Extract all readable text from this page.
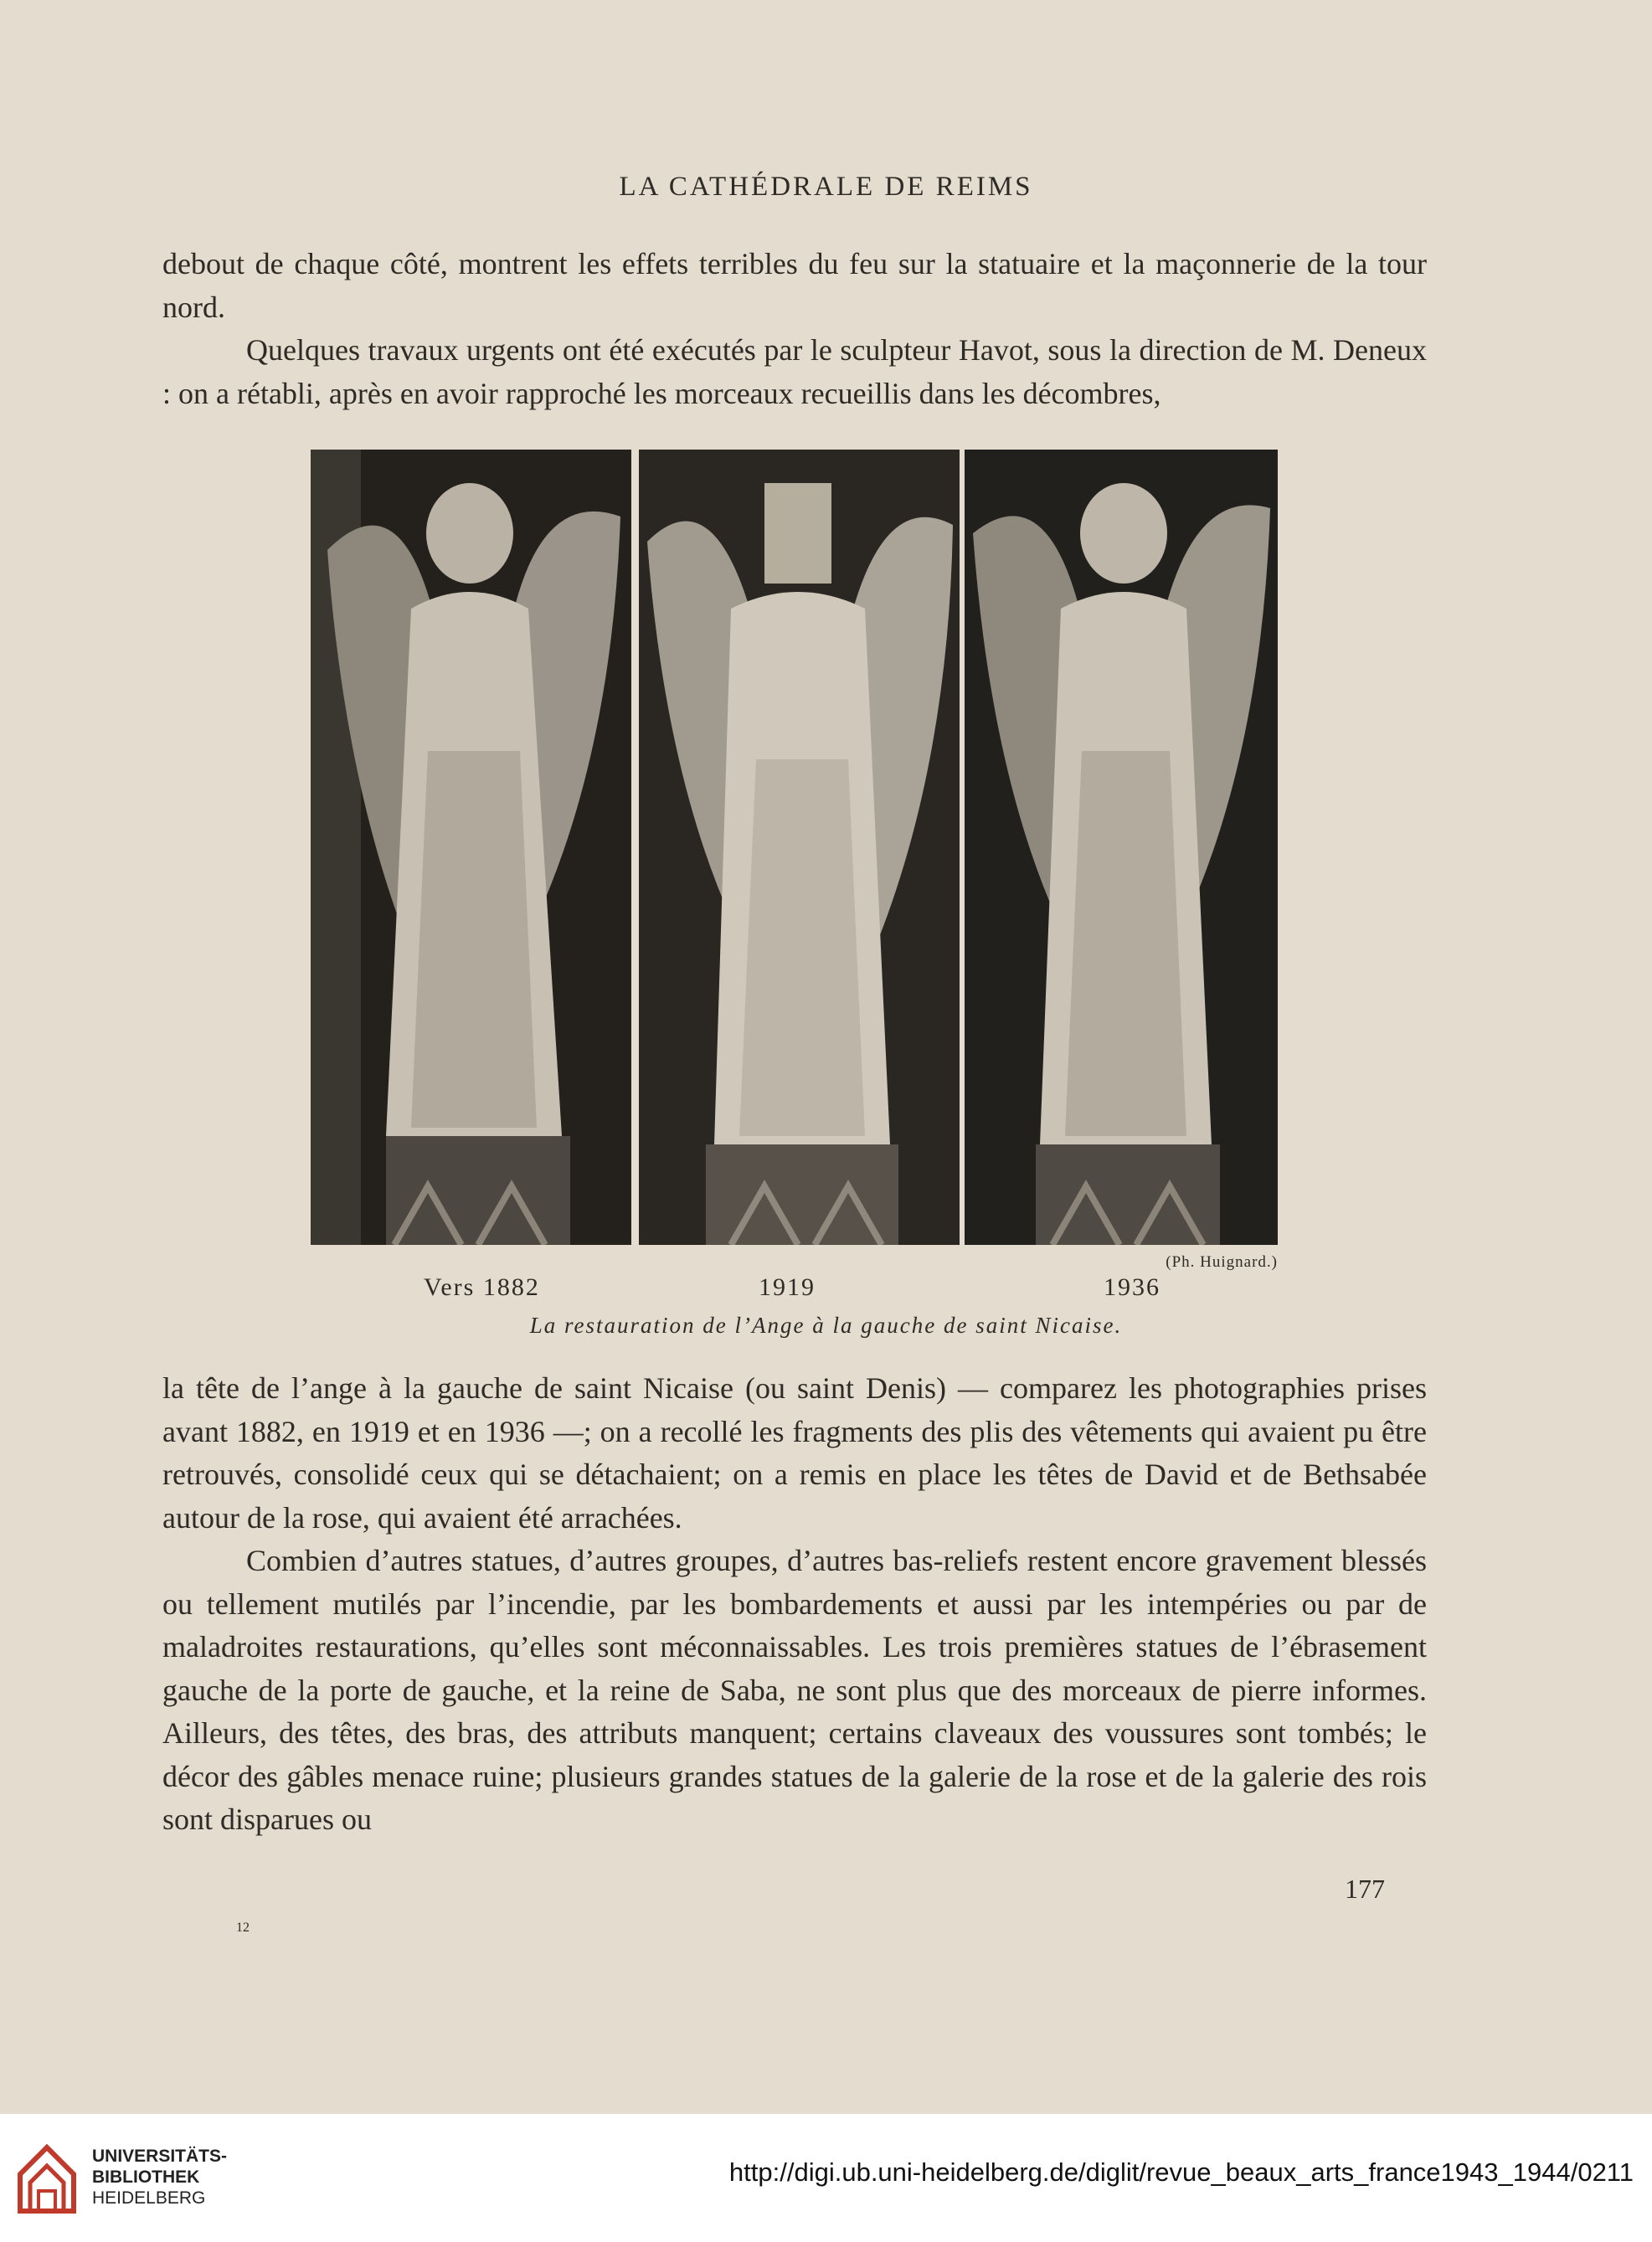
LA CATHÉDRALE DE REIMS

debout de chaque côté, montrent les effets terribles du feu sur la statuaire et la maçonnerie de la tour nord.

Quelques travaux urgents ont été exécutés par le sculpteur Havot, sous la direction de M. Deneux : on a rétabli, après en avoir rapproché les morceaux recueillis dans les décombres,

(Ph. Huignard.)
Vers 1882	1919	1936
La restauration de l’Ange à la gauche de saint Nicaise.

la tête de l’ange à la gauche de saint Nicaise (ou saint Denis) — comparez les photographies prises avant 1882, en 1919 et en 1936 —; on a recollé les fragments des plis des vêtements qui avaient pu être retrouvés, consolidé ceux qui se détachaient; on a remis en place les têtes de David et de Bethsabée autour de la rose, qui avaient été arrachées.

Combien d’autres statues, d’autres groupes, d’autres bas-reliefs restent encore gravement blessés ou tellement mutilés par l’incendie, par les bombardements et aussi par les intempéries ou par de maladroites restaurations, qu’elles sont méconnaissables. Les trois premières statues de l’ébrasement gauche de la porte de gauche, et la reine de Saba, ne sont plus que des morceaux de pierre informes. Ailleurs, des têtes, des bras, des attributs manquent; certains claveaux des voussures sont tombés; le décor des gâbles menace ruine; plusieurs grandes statues de la galerie de la rose et de la galerie des rois sont disparues ou

177
12
UNIVERSITÄTS-
BIBLIOTHEK
HEIDELBERG
http://digi.ub.uni-heidelberg.de/diglit/revue_beaux_arts_france1943_1944/0211
